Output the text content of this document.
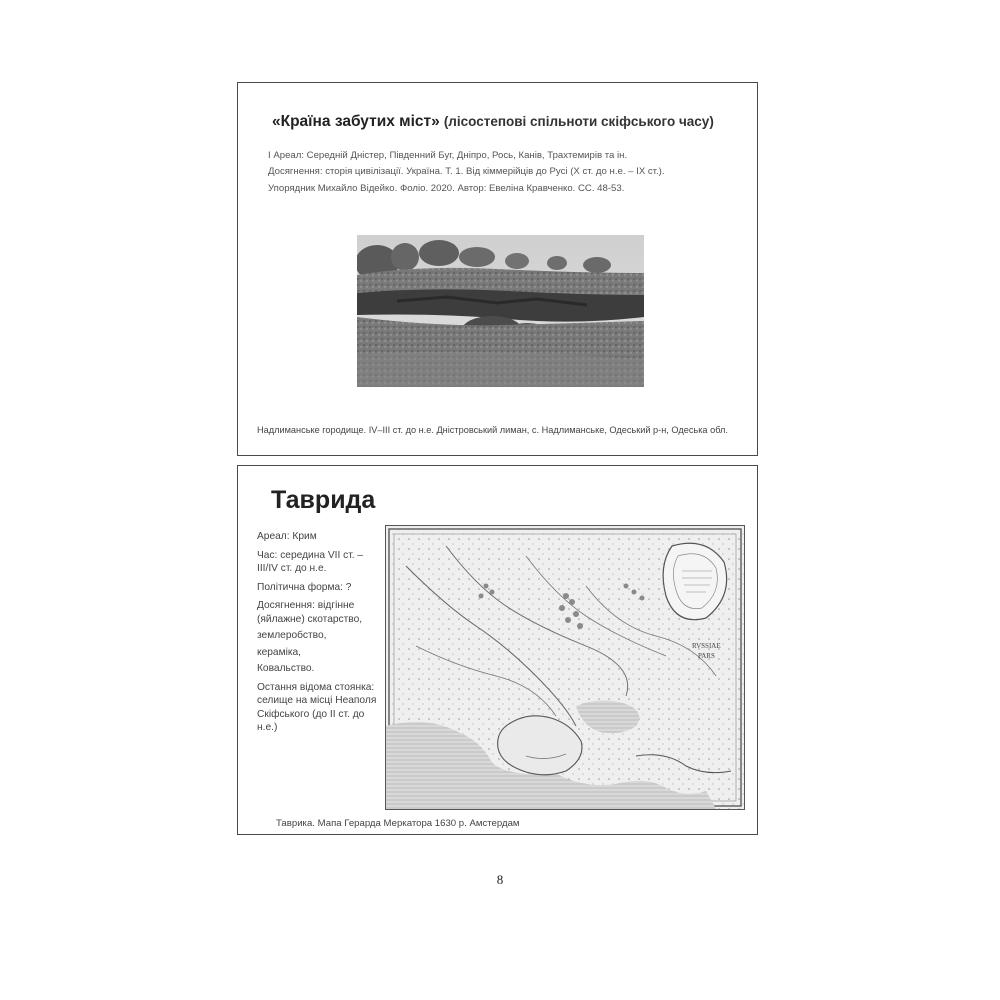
«Країна забутих міст» (лісостепові спільноти скіфського часу)
І Ареал: Середній Дністер, Південний Буг, Дніпро, Рось, Канів, Трахтемирів та ін.
Досягнення: сторія цивілізації. Україна. Т. 1. Від кіммерійців до Русі (Х ст. до н.е. – ІХ ст.).
Упорядник Михайло Відейко. Фоліо. 2020. Автор: Евеліна Кравченко. СС. 48-53.
Надлиманське городище. IV–III ст. до н.е. Дністровський лиман, с. Надлиманське, Одеський р-н, Одеська обл.
Таврида

Ареал: Крим

Час: середина VII ст. – III/IV ст. до н.е.

Політична форма: ?

Досягнення: відгінне (яйлажне) скотарство,

землеробство,

кераміка,

Ковальство.

Остання відома стоянка: селище на місці Неаполя Скіфського (до II ст. до н.е.)

RVSSIAE
PARS
Таврика. Мапа Герарда Меркатора 1630 р. Амстердам
8
